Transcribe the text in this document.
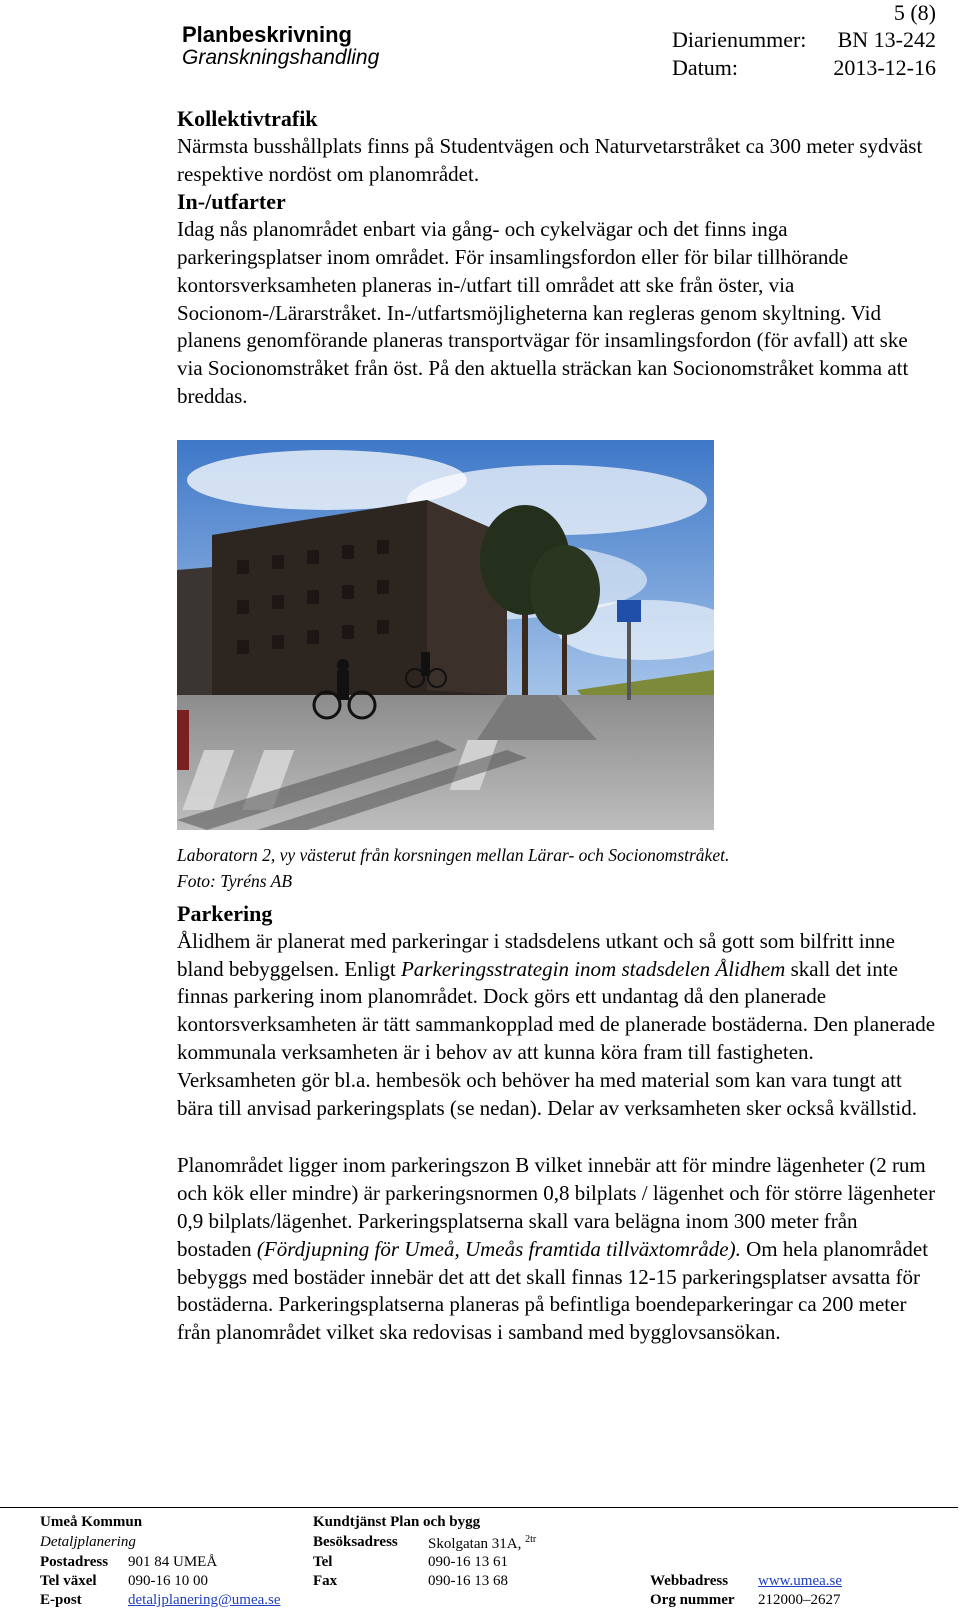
Planbeskrivning
Granskningshandling
5 (8)
Diarienummer: BN 13-242
Datum:	2013-12-16
Kollektivtrafik

Närmsta busshållplats finns på Studentvägen och Naturvetarstråket ca 300 meter sydväst respektive nordöst om planområdet.

In-/utfarter

Idag nås planområdet enbart via gång- och cykelvägar och det finns inga parkeringsplatser inom området. För insamlingsfordon eller för bilar tillhörande kontorsverksamheten planeras in-/utfart till området att ske från öster, via Socionom-/Lärarstråket. In-/utfartsmöjligheterna kan regleras genom skyltning. Vid planens genomförande planeras transportvägar för insamlingsfordon (för avfall) att ske via Socionomstråket från öst. På den aktuella sträckan kan Socionomstråket komma att breddas.

Laboratorn 2, vy västerut från korsningen mellan Lärar- och Socionomstråket.
Foto: Tyréns AB
Parkering

Ålidhem är planerat med parkeringar i stadsdelens utkant och så gott som bilfritt inne bland bebyggelsen. Enligt Parkeringsstrategin inom stadsdelen Ålidhem skall det inte finnas parkering inom planområdet. Dock görs ett undantag då den planerade kontorsverksamheten är tätt sammankopplad med de planerade bostäderna. Den planerade kommunala verksamheten är i behov av att kunna köra fram till fastigheten. Verksamheten gör bl.a. hembesök och behöver ha med material som kan vara tungt att bära till anvisad parkeringsplats (se nedan). Delar av verksamheten sker också kvällstid.

Planområdet ligger inom parkeringszon B vilket innebär att för mindre lägenheter (2 rum och kök eller mindre) är parkeringsnormen 0,8 bilplats / lägenhet och för större lägenheter 0,9 bilplats/lägenhet. Parkeringsplatserna skall vara belägna inom 300 meter från bostaden (Fördjupning för Umeå, Umeås framtida tillväxtområde). Om hela planområdet bebyggs med bostäder innebär det att det skall finnas 12-15 parkeringsplatser avsatta för bostäderna. Parkeringsplatserna planeras på befintliga boendeparkeringar ca 200 meter från planområdet vilket ska redovisas i samband med bygglovsansökan.

Umeå Kommun
Detaljplanering
Postadress 901 84 UMEÅ
Tel växel 090-16 10 00
E-post	detaljplanering@umea.se
Kundtjänst Plan och bygg
Besöksadress Skolgatan 31A, $^{2tr}$
Tel	090-16 13 61
Fax	090-16 13 68	Webbadress www.umea.se
Org nummer 212000–2627
